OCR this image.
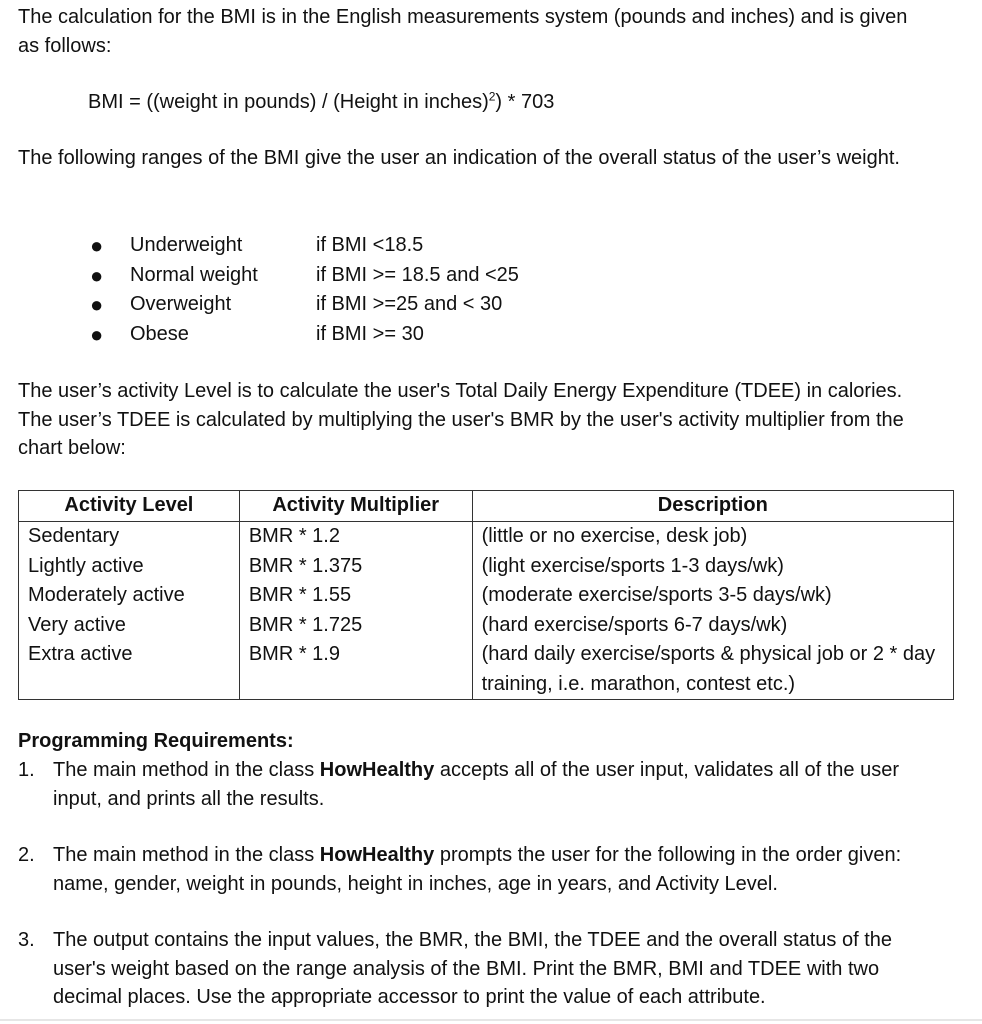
The calculation for the BMI is in the English measurements system (pounds and inches) and is given as follows:

BMI = ((weight in pounds) / (Height in inches)$^2$) * 703

The following ranges of the BMI give the user an indication of the overall status of the user’s weight.

●	Underweight	if BMI <18.5
●	Normal weight	if BMI >= 18.5 and <25
●	Overweight	if BMI >=25 and < 30
●	Obese	if BMI >= 30

The user’s activity Level is to calculate the user's Total Daily Energy Expenditure (TDEE) in calories. The user’s TDEE is calculated by multiplying the user's BMR by the user's activity multiplier from the chart below:

Activity Level	Activity Multiplier	Description
Sedentary	BMR * 1.2	(little or no exercise, desk job)
Lightly active	BMR * 1.375	(light exercise/sports 1-3 days/wk)
Moderately active	BMR * 1.55	(moderate exercise/sports 3-5 days/wk)
Very active	BMR * 1.725	(hard exercise/sports 6-7 days/wk)
Extra active	BMR * 1.9	(hard daily exercise/sports & physical job or 2 * day training, i.e. marathon, contest etc.)

Programming Requirements:

1. The main method in the class HowHealthy accepts all of the user input, validates all of the user input, and prints all the results.
2. The main method in the class HowHealthy prompts the user for the following in the order given: name, gender, weight in pounds, height in inches, age in years, and Activity Level.
3. The output contains the input values, the BMR, the BMI, the TDEE and the overall status of the user's weight based on the range analysis of the BMI. Print the BMR, BMI and TDEE with two decimal places. Use the appropriate accessor to print the value of each attribute.
